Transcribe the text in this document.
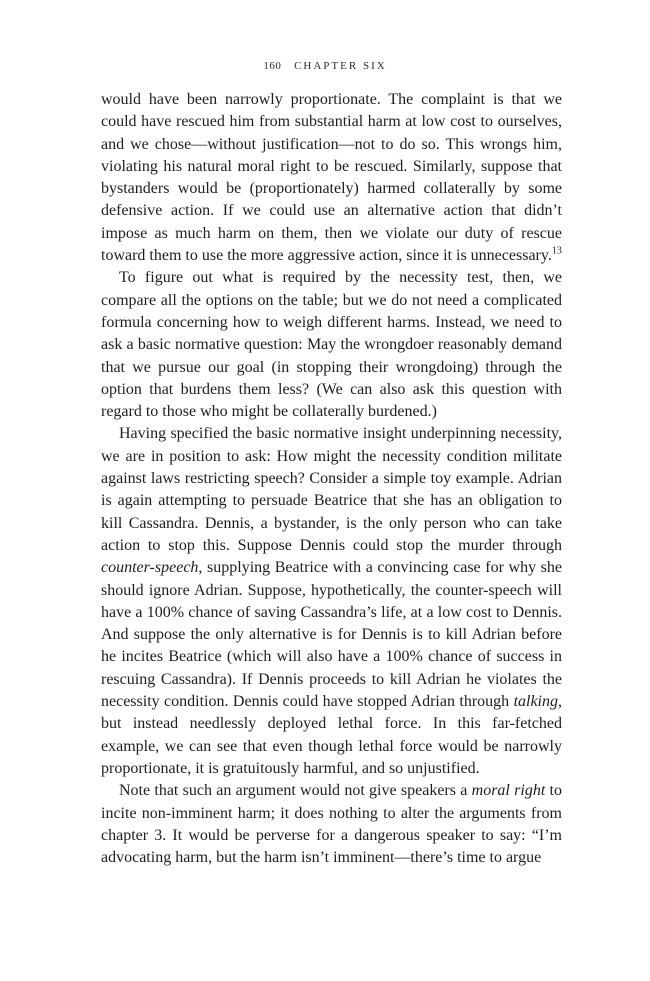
160 CHAPTER SIX

would have been narrowly proportionate. The complaint is that we could have rescued him from substantial harm at low cost to ourselves, and we chose—without justification—not to do so. This wrongs him, violating his natural moral right to be rescued. Similarly, suppose that bystanders would be (proportionately) harmed collaterally by some defensive action. If we could use an alternative action that didn’t impose as much harm on them, then we violate our duty of rescue toward them to use the more aggressive action, since it is unnecessary.$^{13}$

To figure out what is required by the necessity test, then, we compare all the options on the table; but we do not need a complicated formula concerning how to weigh different harms. Instead, we need to ask a basic normative question: May the wrongdoer reasonably demand that we pursue our goal (in stopping their wrongdoing) through the option that burdens them less? (We can also ask this question with regard to those who might be collaterally burdened.)

Having specified the basic normative insight underpinning necessity, we are in position to ask: How might the necessity condition militate against laws restricting speech? Consider a simple toy example. Adrian is again attempting to persuade Beatrice that she has an obligation to kill Cassandra. Dennis, a bystander, is the only person who can take action to stop this. Suppose Dennis could stop the murder through counter-speech, supplying Beatrice with a convincing case for why she should ignore Adrian. Suppose, hypothetically, the counter-speech will have a 100% chance of saving Cassandra’s life, at a low cost to Dennis. And suppose the only alternative is for Dennis is to kill Adrian before he incites Beatrice (which will also have a 100% chance of success in rescuing Cassandra). If Dennis proceeds to kill Adrian he violates the necessity condition. Dennis could have stopped Adrian through talking, but instead needlessly deployed lethal force. In this far-fetched example, we can see that even though lethal force would be narrowly proportionate, it is gratuitously harmful, and so unjustified.

Note that such an argument would not give speakers a moral right to incite non-imminent harm; it does nothing to alter the arguments from chapter 3. It would be perverse for a dangerous speaker to say: “I’m advocating harm, but the harm isn’t imminent—there’s time to argue
